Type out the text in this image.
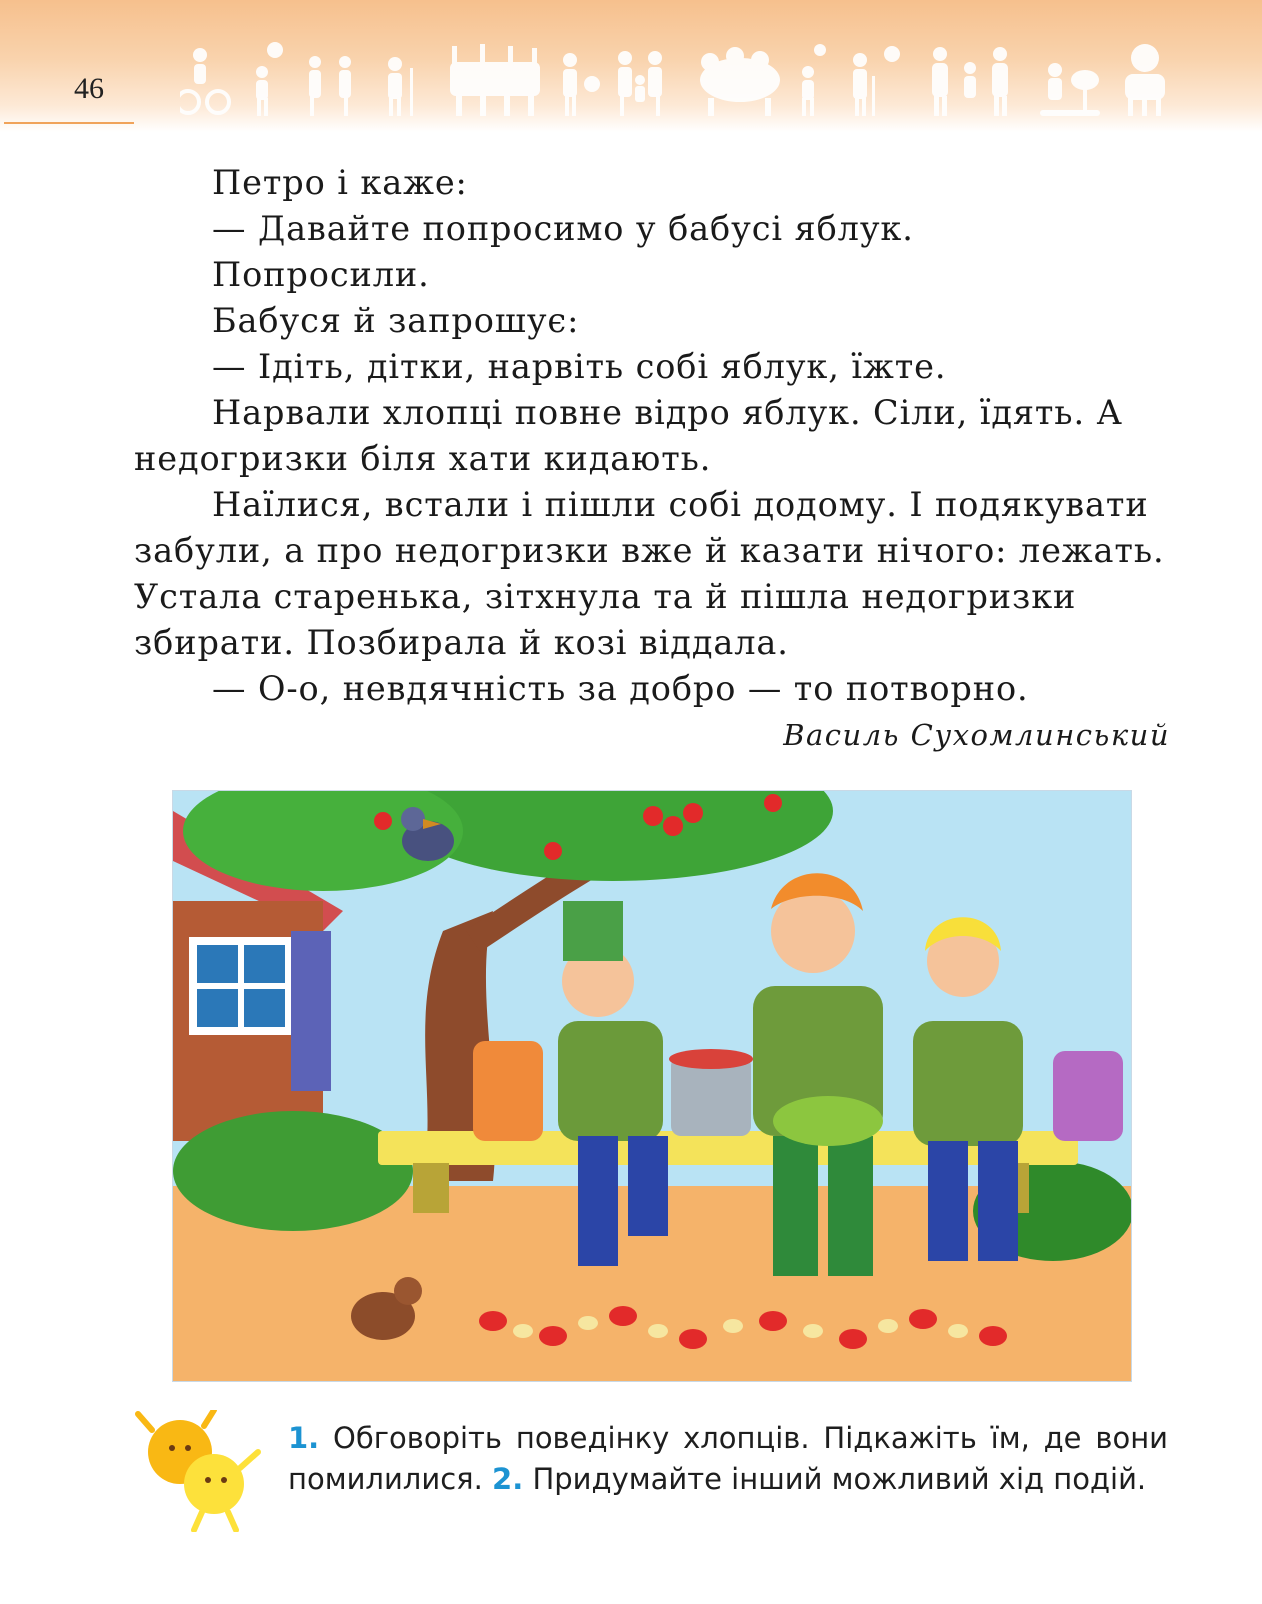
46

Петро і каже:

— Давайте попросимо у бабусі яблук.

Попросили.

Бабуся й запрошує:

— Ідіть, дітки, нарвіть собі яблук, їжте.

Нарвали хлопці повне відро яблук. Сіли, їдять. А недогризки біля хати кидають.

Наїлися, встали і пішли собі додому. І подякувати забули, а про недогризки вже й казати нічого: лежать. Устала старенька, зітхнула та й пішла недогризки збирати. Позбирала й козі віддала.

— О-о, невдячність за добро — то потворно.

Василь Сухомлинський
1. Обговоріть поведінку хлопців. Підкажіть їм, де вони помилилися. 2. Придумайте інший можливий хід подій.
